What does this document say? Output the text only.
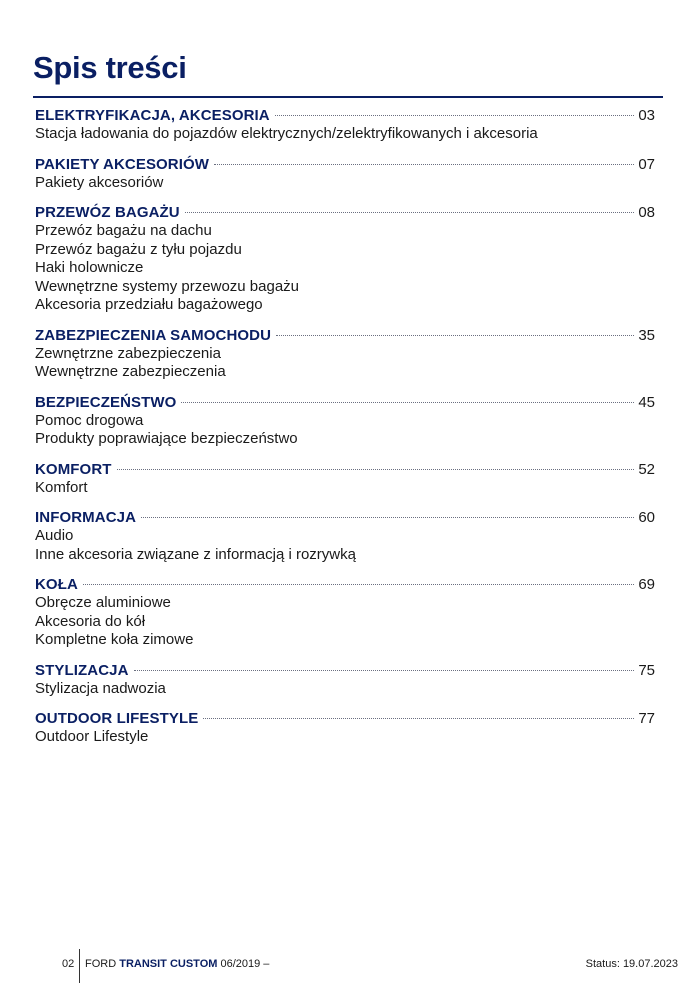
Spis treści
ELEKTRYFIKACJA, AKCESORIA	03
Stacja ładowania do pojazdów elektrycznych/zelektryfikowanych i akcesoria
PAKIETY AKCESORIÓW	07
Pakiety akcesoriów
PRZEWÓZ BAGAŻU	08
Przewóz bagażu na dachu
Przewóz bagażu z tyłu pojazdu
Haki holownicze
Wewnętrzne systemy przewozu bagażu
Akcesoria przedziału bagażowego
ZABEZPIECZENIA SAMOCHODU	35
Zewnętrzne zabezpieczenia
Wewnętrzne zabezpieczenia
BEZPIECZEŃSTWO	45
Pomoc drogowa
Produkty poprawiające bezpieczeństwo
KOMFORT	52
Komfort
INFORMACJA	60
Audio
Inne akcesoria związane z informacją i rozrywką
KOŁA	69
Obręcze aluminiowe
Akcesoria do kół
Kompletne koła zimowe
STYLIZACJA	75
Stylizacja nadwozia
OUTDOOR LIFESTYLE	77
Outdoor Lifestyle
02 FORD TRANSIT CUSTOM 06/2019 –	Status: 19.07.2023
